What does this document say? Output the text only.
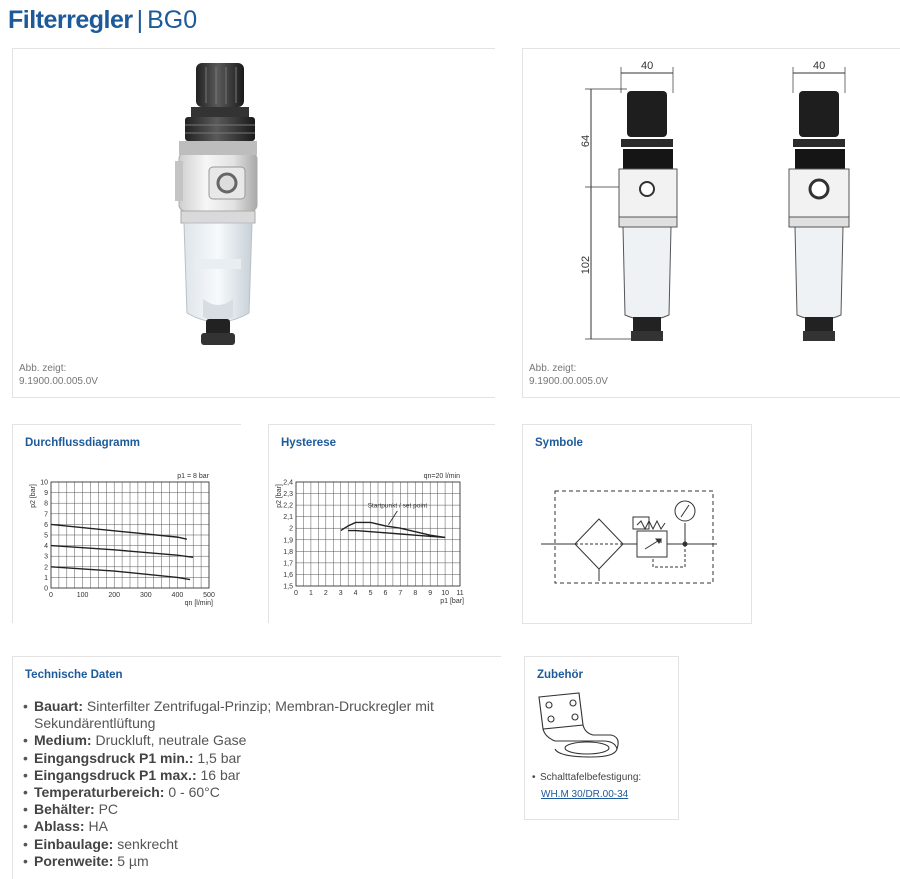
Filterregler | BG0
Abb. zeigt:
9.1900.00.005.0V
40
64
102
40
Abb. zeigt:
9.1900.00.005.0V
Durchflussdiagramm
0	100	200	300	400	500
0
1
2
3
4
5
6
7
8
9
10
qn [l/min]
p2 [bar]
p1 = 8 bar
Hysterese
0 1 2 3 4 5 6 7 8 9 10 11
1,5
1,6
1,7
1,8
1,9
2
2,1
2,2
2,3
2,4
p1 [bar]
p2 [bar]
qn=20 l/min
Startpunkt / set point
Symbole
Technische Daten
• Bauart: Sinterfilter Zentrifugal-Prinzip; Membran-Druckregler mit Sekundärentlüftung
• Medium: Druckluft, neutrale Gase
• Eingangsdruck P1 min.: 1,5 bar
• Eingangsdruck P1 max.: 16 bar
• Temperaturbereich: 0 - 60°C
• Behälter: PC
• Ablass: HA
• Einbaulage: senkrecht
• Porenweite: 5 µm
Zubehör
• Schalttafelbefestigung:
WH.M 30/DR.00-34
